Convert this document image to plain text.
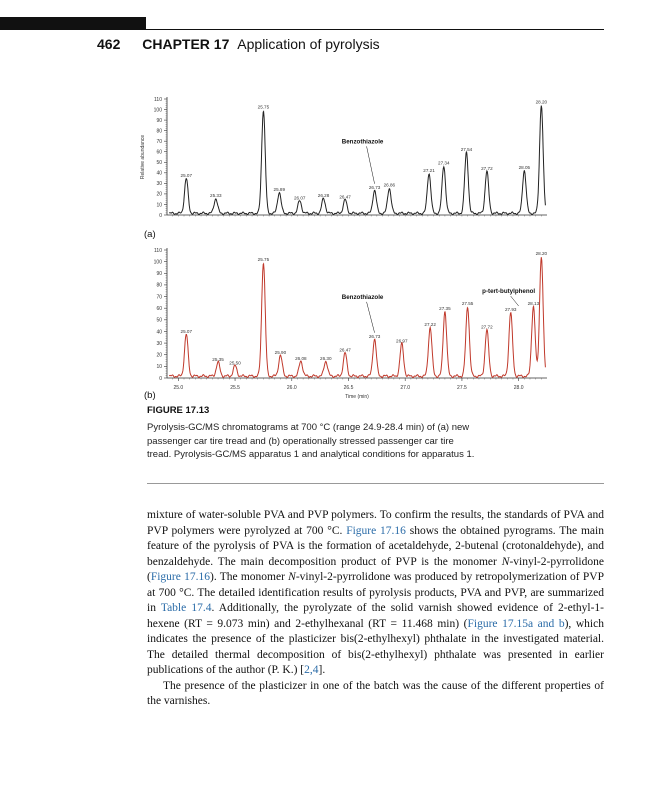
462 CHAPTER 17 Application of pyrolysis
110
100
90
80
70
60
50
40
30
20
10
0
Relative abundance	25.07
25.33
25.75
25.89
26.07	26.28 26.47
26.73 26.86
27.21
27.34
27.54
27.72	28.05
28.20
Benzothiazole
(a)
110
100
90
80
70
60
50
40
30
20
10
0
25.0	25.5	26.0	26.5	27.0	27.5	28.0
Time (min)
25.07
25.35
25.50
25.75
25.90
26.08	26.30
26.47
26.73
26.97
27.22
27.35
27.55
27.72
27.93
28.13
28.20
Benzothiazole
p-tert-butylphenol
(b)
FIGURE 17.13
Pyrolysis-GC/MS chromatograms at 700 °C (range 24.9-28.4 min) of (a) new passenger car tire tread and (b) operationally stressed passenger car tire tread. Pyrolysis-GC/MS apparatus 1 and analytical conditions for apparatus 1.

mixture of water-soluble PVA and PVP polymers. To confirm the results, the standards of PVA and PVP polymers were pyrolyzed at 700 °C. Figure 17.16 shows the obtained pyrograms. The main feature of the pyrolysis of PVA is the formation of acetaldehyde, 2-butenal (crotonaldehyde), and benzaldehyde. The main decomposition product of PVP is the monomer N-vinyl-2-pyrrolidone (Figure 17.16). The monomer N-vinyl-2-pyrrolidone was produced by retropolymerization of PVP at 700 °C. The detailed identification results of pyrolysis products, PVA and PVP, are summarized in Table 17.4. Additionally, the pyrolyzate of the solid varnish showed evidence of 2-ethyl-1-hexene (RT = 9.073 min) and 2-ethylhexanal (RT = 11.468 min) (Figure 17.15a and b), which indicates the presence of the plasticizer bis(2-ethylhexyl) phthalate in the investigated material. The detailed thermal decomposition of bis(2-ethylhexyl) phthalate was presented in earlier publications of the author (P. K.) [2,4].

The presence of the plasticizer in one of the batch was the cause of the different properties of the varnishes.
